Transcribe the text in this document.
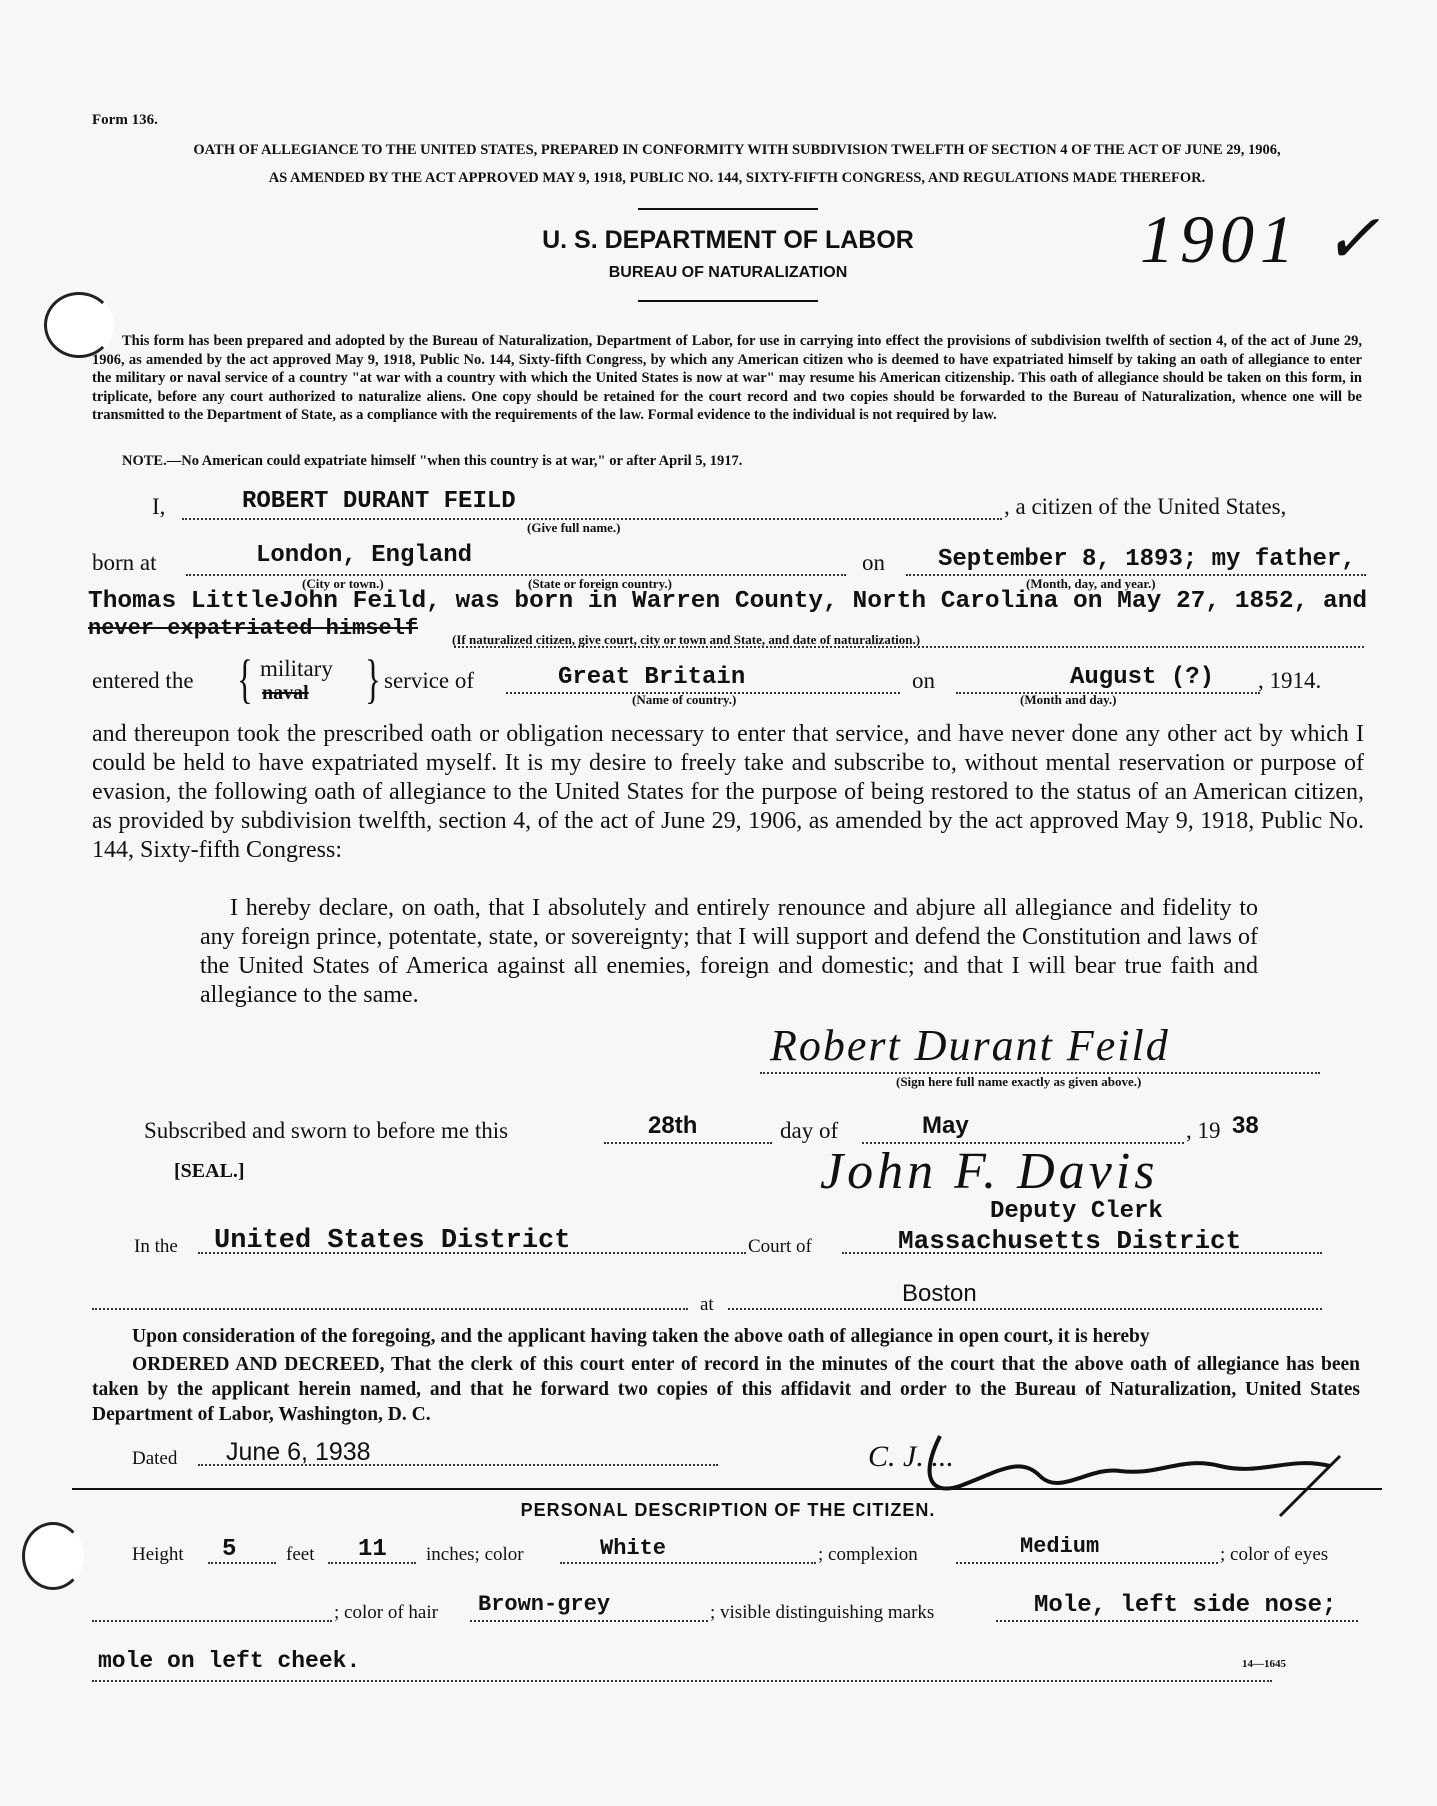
Form 136.
OATH OF ALLEGIANCE TO THE UNITED STATES, PREPARED IN CONFORMITY WITH SUBDIVISION TWELFTH OF SECTION 4 OF THE ACT OF JUNE 29, 1906,
AS AMENDED BY THE ACT APPROVED MAY 9, 1918, PUBLIC NO. 144, SIXTY-FIFTH CONGRESS, AND REGULATIONS MADE THEREFOR.
U. S. DEPARTMENT OF LABOR
BUREAU OF NATURALIZATION	1901 ✓
This form has been prepared and adopted by the Bureau of Naturalization, Department of Labor, for use in carrying into effect the provisions of subdivision twelfth of section 4, of the act of June 29, 1906, as amended by the act approved May 9, 1918, Public No. 144, Sixty-fifth Congress, by which any American citizen who is deemed to have expatriated himself by taking an oath of allegiance to enter the military or naval service of a country "at war with a country with which the United States is now at war" may resume his American citizenship. This oath of allegiance should be taken on this form, in triplicate, before any court authorized to naturalize aliens. One copy should be retained for the court record and two copies should be forwarded to the Bureau of Naturalization, whence one will be transmitted to the Department of State, as a compliance with the requirements of the law. Formal evidence to the individual is not required by law.
NOTE.—No American could expatriate himself "when this country is at war," or after April 5, 1917.
I,	ROBERT DURANT FEILD	, a citizen of the United States,
(Give full name.)
born at	London, England	on September 8, 1893; my father,
(City or town.)	(State or foreign country.)	(Month, day, and year.)
Thomas LittleJohn Feild, was born in Warren County, North Carolina on May 27, 1852, and
never expatriated himself	(If naturalized citizen, give court, city or town and State, and date of naturalization.)
entered the { military
naval } service of	Great Britain
(Name of country.)
on	August (?) , 1914.
(Month and day.)
and thereupon took the prescribed oath or obligation necessary to enter that service, and have never done any other act by which I could be held to have expatriated myself. It is my desire to freely take and subscribe to, without mental reservation or purpose of evasion, the following oath of allegiance to the United States for the purpose of being restored to the status of an American citizen, as provided by subdivision twelfth, section 4, of the act of June 29, 1906, as amended by the act approved May 9, 1918, Public No. 144, Sixty-fifth Congress:
I hereby declare, on oath, that I absolutely and entirely renounce and abjure all allegiance and fidelity to any foreign prince, potentate, state, or sovereignty; that I will support and defend the Constitution and laws of the United States of America against all enemies, foreign and domestic; and that I will bear true faith and allegiance to the same.
Robert Durant Feild
(Sign here full name exactly as given above.)
Subscribed and sworn to before me this	28th	day of	May	, 19 38
[SEAL.]	John F. Davis
Deputy Clerk
In the United States District	Court of	Massachusetts District
at	Boston
Upon consideration of the foregoing, and the applicant having taken the above oath of allegiance in open court, it is hereby
ORDERED AND DECREED, That the clerk of this court enter of record in the minutes of the court that the above oath of allegiance has been taken by the applicant herein named, and that he forward two copies of this affidavit and order to the Bureau of Naturalization, United States Department of Labor, Washington, D. C.
Dated June 6, 1938	C. J. ...
PERSONAL DESCRIPTION OF THE CITIZEN.
Height 5	feet 11 inches; color	White	; complexion	Medium	; color of eyes
; color of hair Brown-grey	; visible distinguishing marks	Mole, left side nose;
mole on left cheek.	14—1645
